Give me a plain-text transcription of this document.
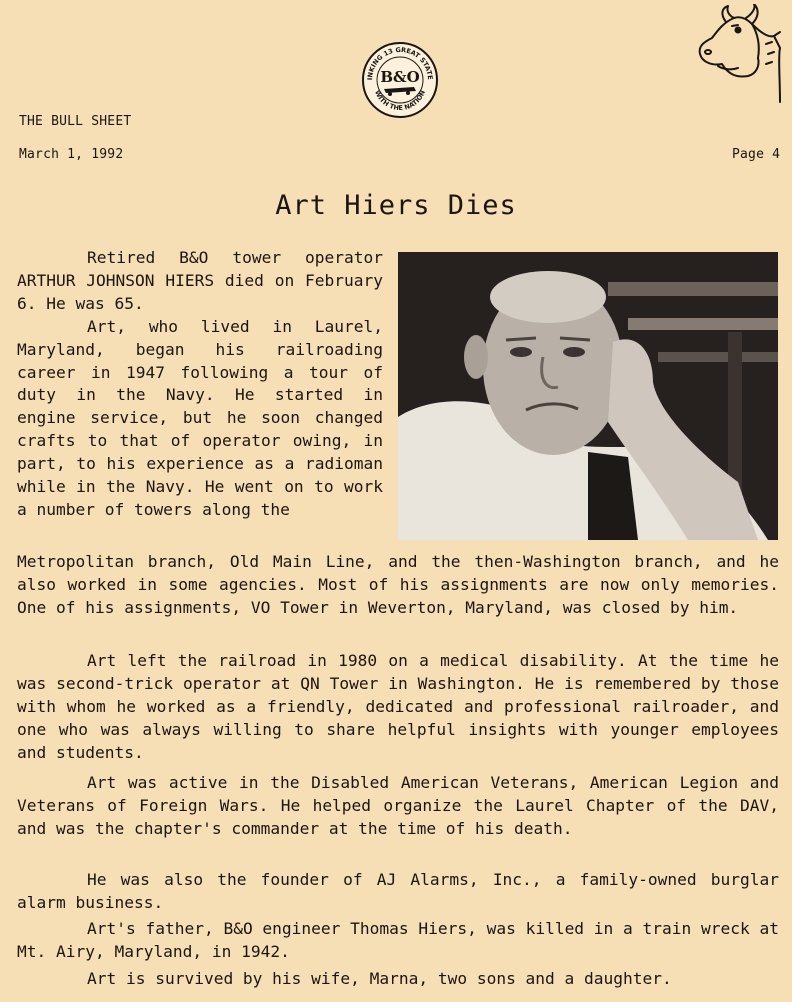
INKING 13 GREAT STATE
WITH THE NATION
B&O
THE BULL SHEET
March 1, 1992	Page 4
Art Hiers Dies

Retired B&O tower operator ARTHUR JOHNSON HIERS died on February 6. He was 65.

Art, who lived in Laurel, Maryland, began his railroading career in 1947 following a tour of duty in the Navy. He started in engine service, but he soon changed crafts to that of operator owing, in part, to his experience as a radioman while in the Navy. He went on to work a number of towers along the

Metropolitan branch, Old Main Line, and the then-Washington branch, and he also worked in some agencies. Most of his assignments are now only memories. One of his assignments, VO Tower in Weverton, Maryland, was closed by him.

Art left the railroad in 1980 on a medical disability. At the time he was second-trick operator at QN Tower in Washington. He is remembered by those with whom he worked as a friendly, dedicated and professional railroader, and one who was always willing to share helpful insights with younger employees and students.

Art was active in the Disabled American Veterans, American Legion and Veterans of Foreign Wars. He helped organize the Laurel Chapter of the DAV, and was the chapter's commander at the time of his death.

He was also the founder of AJ Alarms, Inc., a family-owned burglar alarm business.

Art's father, B&O engineer Thomas Hiers, was killed in a train wreck at Mt. Airy, Maryland, in 1942.

Art is survived by his wife, Marna, two sons and a daughter.
